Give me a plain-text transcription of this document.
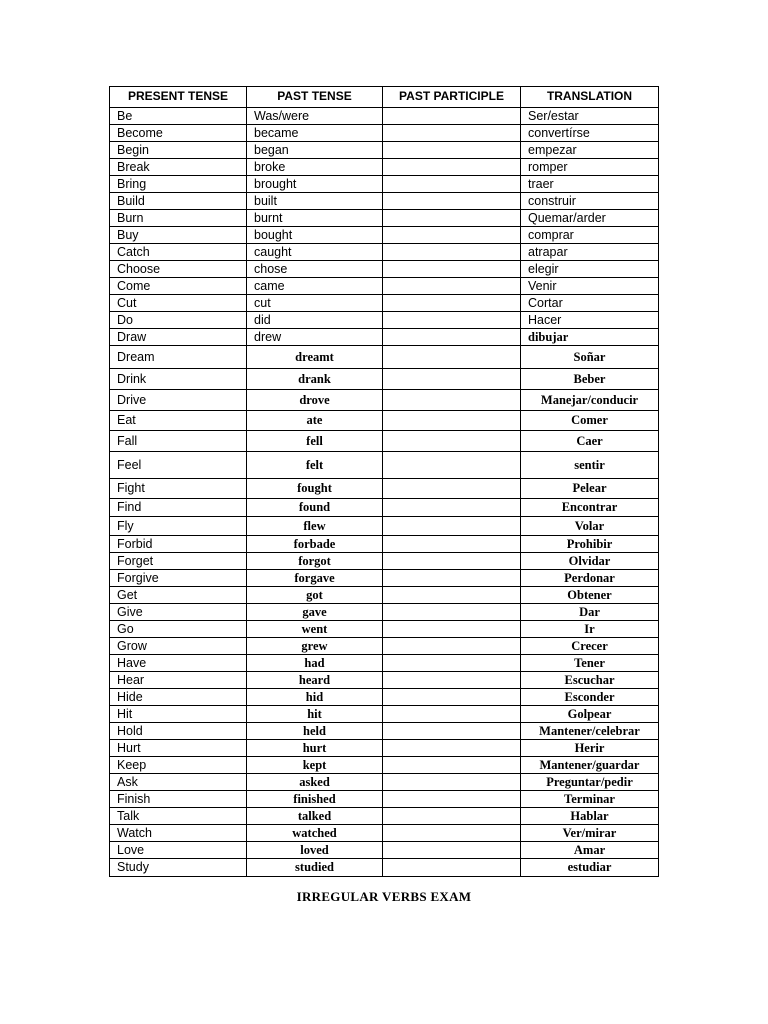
PRESENT TENSE	PAST TENSE	PAST PARTICIPLE	TRANSLATION
Be	Was/were		Ser/estar
Become	became		convertírse
Begin	began		empezar
Break	broke		romper
Bring	brought		traer
Build	built		construir
Burn	burnt		Quemar/arder
Buy	bought		comprar
Catch	caught		atrapar
Choose	chose		elegir
Come	came		Venir
Cut	cut		Cortar
Do	did		Hacer
Draw	drew		dibujar
Dream	dreamt		Soñar
Drink	drank		Beber
Drive	drove		Manejar/conducir
Eat	ate		Comer
Fall	fell		Caer
Feel	felt		sentir
Fight	fought		Pelear
Find	found		Encontrar
Fly	flew		Volar
Forbid	forbade		Prohibir
Forget	forgot		Olvidar
Forgive	forgave		Perdonar
Get	got		Obtener
Give	gave		Dar
Go	went		Ir
Grow	grew		Crecer
Have	had		Tener
Hear	heard		Escuchar
Hide	hid		Esconder
Hit	hit		Golpear
Hold	held		Mantener/celebrar
Hurt	hurt		Herir
Keep	kept		Mantener/guardar
Ask	asked		Preguntar/pedir
Finish	finished		Terminar
Talk	talked		Hablar
Watch	watched		Ver/mirar
Love	loved		Amar
Study	studied		estudiar
IRREGULAR VERBS EXAM
